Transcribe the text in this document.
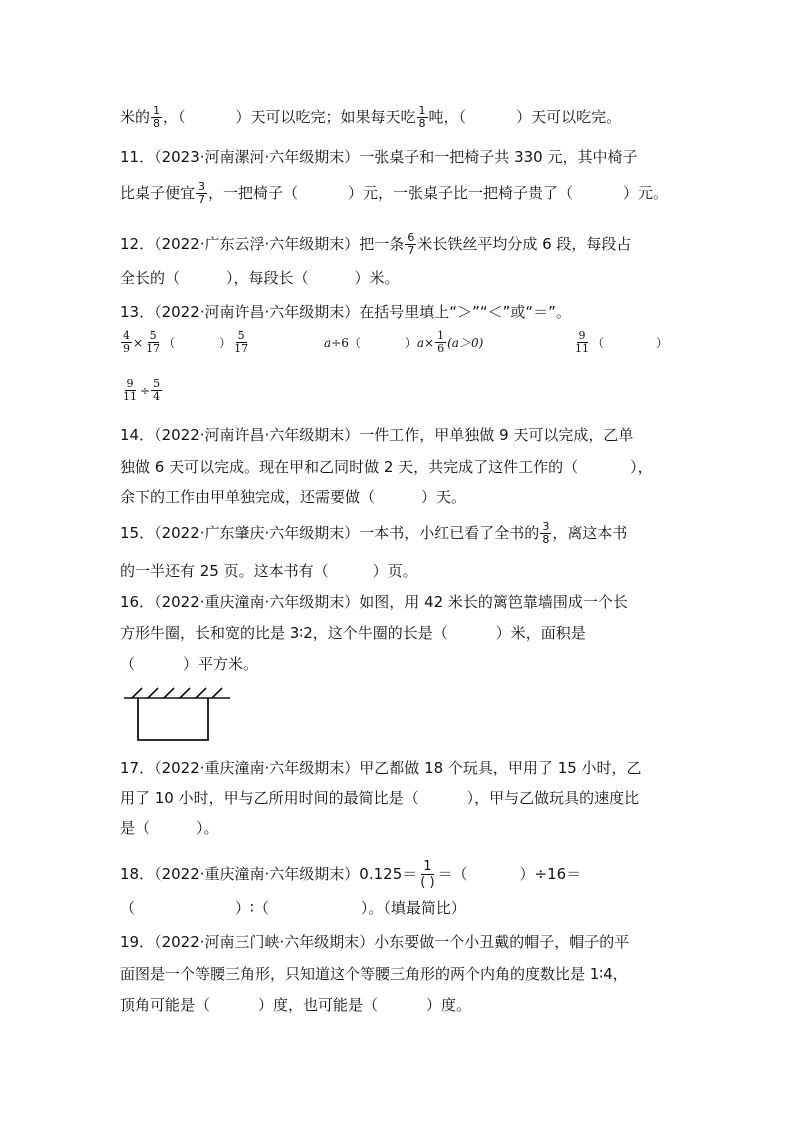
米的 $\frac{1}{8}$ ，（	）天可以吃完；如果每天吃 $\frac{1}{8}$ 吨，（	）天可以吃完。
11．（2023·河南漯河·六年级期末）一张桌子和一把椅子共 330 元，其中椅子
比桌子便宜 $\frac{3}{7}$ ，一把椅子（	）元，一张桌子比一把椅子贵了（	）元。
12．（2022·广东云浮·六年级期末）把一条 $\frac{6}{7}$ 米长铁丝平均分成 6 段，每段占
全长的（	），每段长（	）米。
13．（2022·河南许昌·六年级期末）在括号里填上“＞”“＜”或“＝”。
$\frac{4}{9} \times \frac{5}{17}$ （	） $\frac{5}{17}$	a ÷6 （	） $a \times \frac{1}{6} (a>0)$	$\frac{9}{11}$ （	）
$\frac{9}{11} \div \frac{5}{4}$
14．（2022·河南许昌·六年级期末）一件工作，甲单独做 9 天可以完成，乙单
独做 6 天可以完成。现在甲和乙同时做 2 天，共完成了这件工作的（	），
余下的工作由甲单独完成，还需要做（	）天。
15．（2022·广东肇庆·六年级期末）一本书，小红已看了全书的 $\frac{3}{8}$ ，离这本书
的一半还有 25 页。这本书有（	）页。
16．（2022·重庆潼南·六年级期末）如图，用 42 米长的篱笆靠墙围成一个长
方形牛圈，长和宽的比是 3∶2，这个牛圈的长是（	）米，面积是
（	）平方米。
17．（2022·重庆潼南·六年级期末）甲乙都做 18 个玩具，甲用了 15 小时，乙
用了 10 小时，甲与乙所用时间的最简比是（	），甲与乙做玩具的速度比
是（	）。
18．（2022·重庆潼南·六年级期末）$0.125= \frac{1}{( )}$ ＝（	）÷16＝
（	）∶（	）。（填最简比）
19．（2022·河南三门峡·六年级期末）小东要做一个小丑戴的帽子，帽子的平
面图是一个等腰三角形，只知道这个等腰三角形的两个内角的度数比是 1∶4，
顶角可能是（	）度，也可能是（	）度。
